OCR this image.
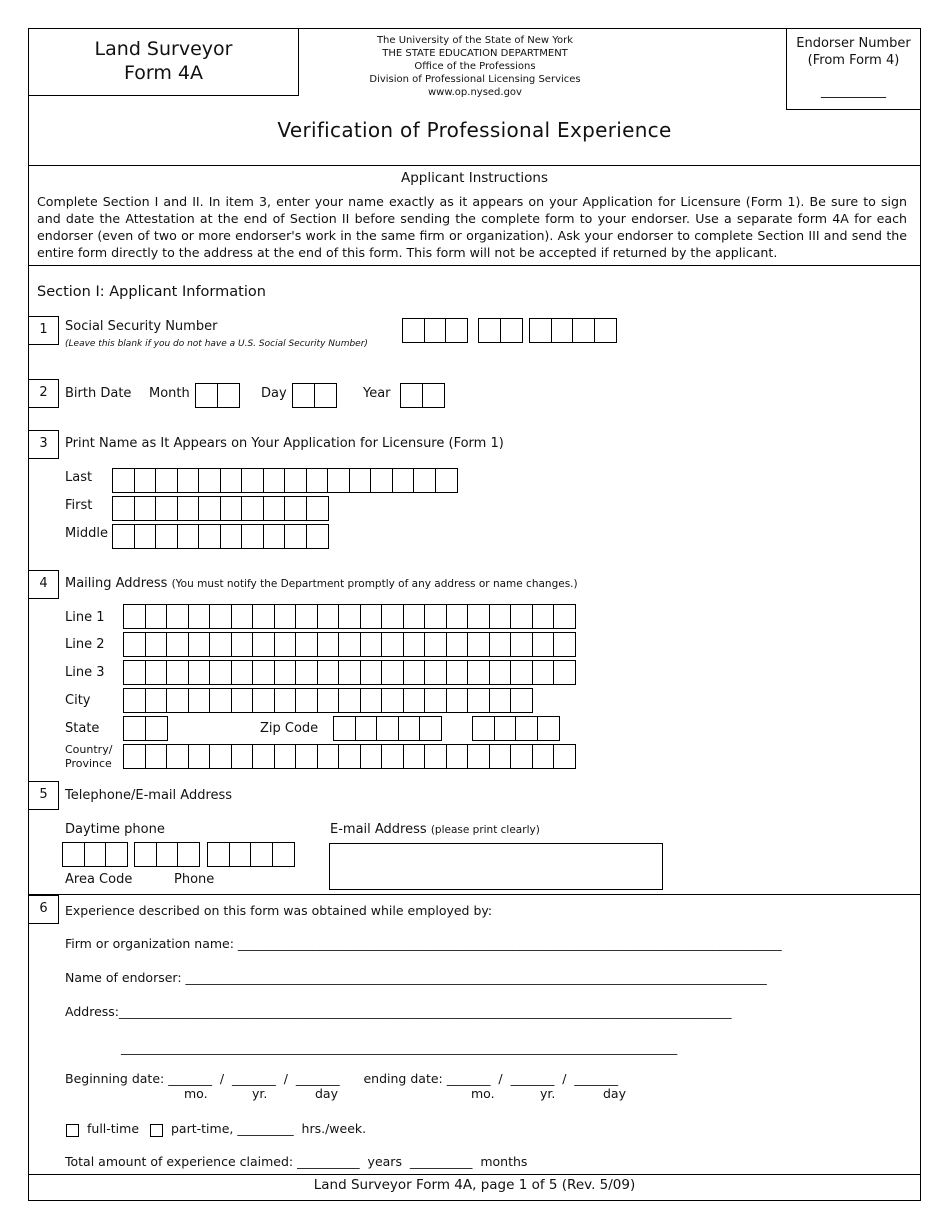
Land Surveyor
Form 4A
The University of the State of New York
THE STATE EDUCATION DEPARTMENT
Office of the Professions
Division of Professional Licensing Services
www.op.nysed.gov
Endorser Number
(From Form 4)
__________
Verification of Professional Experience
Applicant Instructions
Complete Section I and II. In item 3, enter your name exactly as it appears on your Application for Licensure (Form 1). Be sure to sign and date the Attestation at the end of Section II before sending the complete form to your endorser. Use a separate form 4A for each endorser (even of two or more endorser's work in the same firm or organization). Ask your endorser to complete Section III and send the entire form directly to the address at the end of this form. This form will not be accepted if returned by the applicant.
Section I: Applicant Information
1	Social Security Number
(Leave this blank if you do not have a U.S. Social Security Number)
2	Birth Date Month	Day	Year
3	Print Name as It Appears on Your Application for Licensure (Form 1)
Last
First
Middle
4	Mailing Address (You must notify the Department promptly of any address or name changes.)
Line 1
Line 2
Line 3
City
State	Zip Code
Country/
Province
5	Telephone/E-mail Address
Daytime phone
Area Code	Phone
E-mail Address (please print clearly)
6	Experience described on this form was obtained while employed by:
Firm or organization name: _______________________________________________________________________________________
Name of endorser: _____________________________________________________________________________________________
Address:__________________________________________________________________________________________________
_________________________________________________________________________________________
Beginning date: _______  /  _______  /  _______      ending date: _______  /  _______  /  _______
mo.	yr.	day	mo.	yr.	day
full-time	part-time, _________  hrs./week.
Total amount of experience claimed: __________  years  __________  months
Land Surveyor Form 4A, page 1 of 5 (Rev. 5/09)
